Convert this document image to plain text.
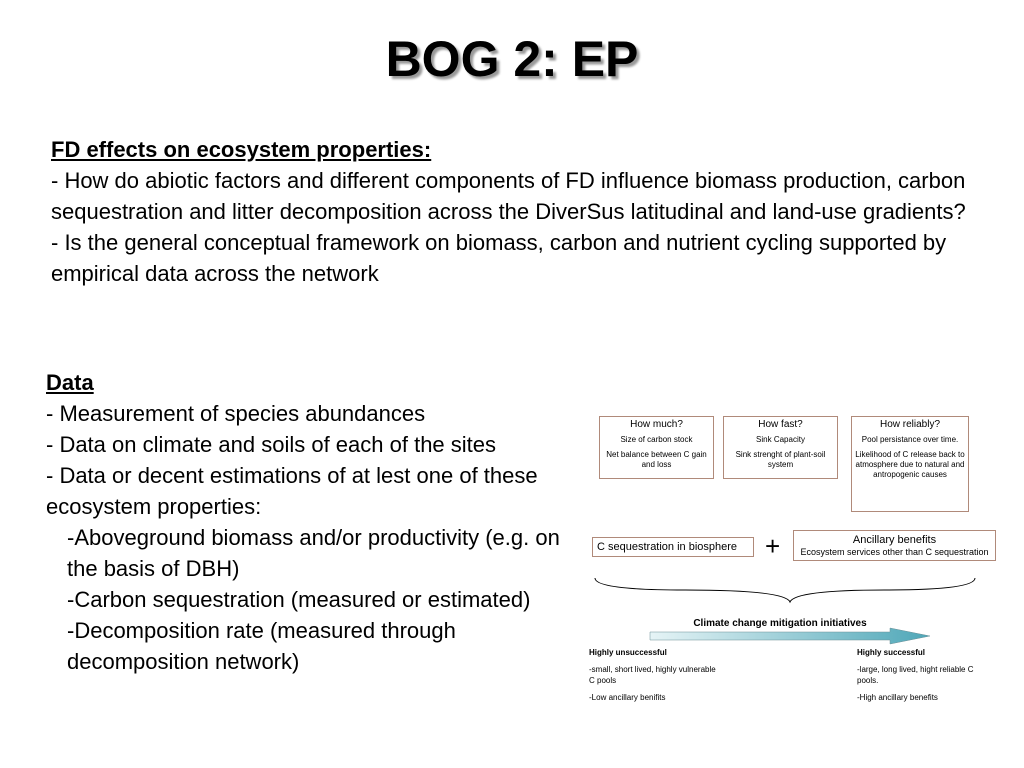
BOG 2: EP
FD effects on ecosystem properties:
- How do abiotic factors and different components of FD influence biomass production, carbon sequestration and litter decomposition across the DiverSus latitudinal and land-use gradients?
- Is the general conceptual framework on biomass, carbon and nutrient cycling supported by empirical data across the network
Data
- Measurement of species abundances
- Data on climate and soils of each of the sites
- Data or decent estimations of at lest one of these ecosystem properties:
-Aboveground biomass and/or productivity (e.g. on the basis of DBH)
-Carbon sequestration (measured or estimated)
-Decomposition rate (measured through decomposition network)
How much?

Size of carbon stock

Net balance between C gain and loss

How fast?

Sink Capacity

Sink strenght of plant-soil system

How reliably?

Pool persistance over time.

Likelihood of C release back to atmosphere due to natural and antropogenic causes

C sequestration in biosphere	+	Ancillary benefits
Ecosystem services other than C sequestration
Climate change mitigation initiatives
Highly unsuccessful

-small, short lived, highly vulnerable C pools

-Low ancillary benifits

Highly successful

-large, long lived, hight reliable C pools.

-High ancillary benefits
